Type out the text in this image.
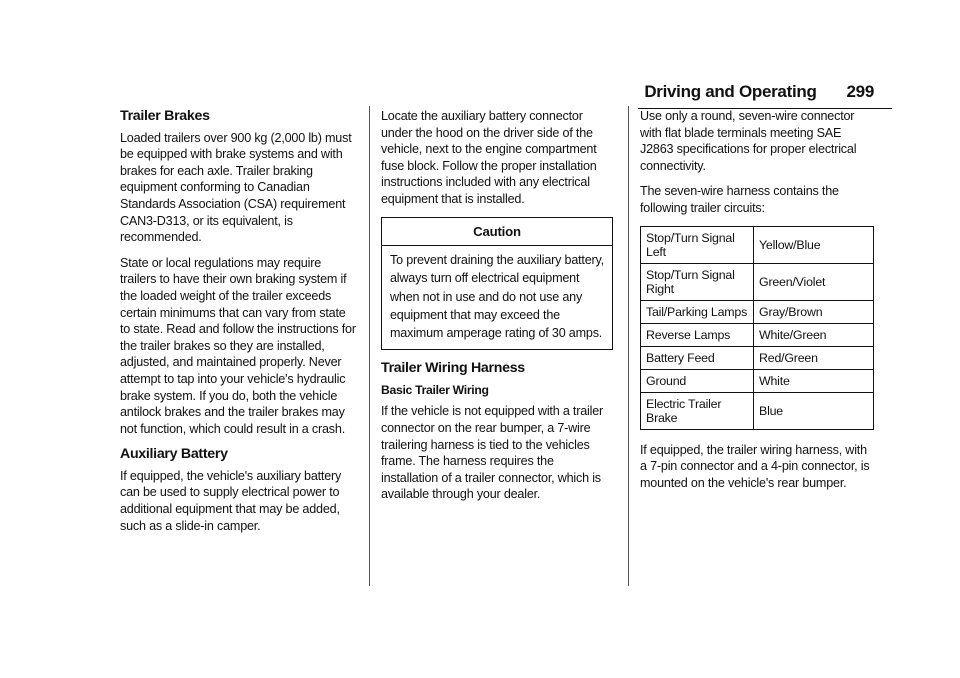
Driving and Operating 299
Trailer Brakes

Loaded trailers over 900 kg (2,000 lb) must be equipped with brake systems and with brakes for each axle. Trailer braking equipment conforming to Canadian Standards Association (CSA) requirement CAN3-D313, or its equivalent, is recommended.

State or local regulations may require trailers to have their own braking system if the loaded weight of the trailer exceeds certain minimums that can vary from state to state. Read and follow the instructions for the trailer brakes so they are installed, adjusted, and maintained properly. Never attempt to tap into your vehicle's hydraulic brake system. If you do, both the vehicle antilock brakes and the trailer brakes may not function, which could result in a crash.

Auxiliary Battery

If equipped, the vehicle's auxiliary battery can be used to supply electrical power to additional equipment that may be added, such as a slide-in camper.

Locate the auxiliary battery connector under the hood on the driver side of the vehicle, next to the engine compartment fuse block. Follow the proper installation instructions included with any electrical equipment that is installed.

Caution
To prevent draining the auxiliary battery, always turn off electrical equipment when not in use and do not use any equipment that may exceed the maximum amperage rating of 30 amps.
Trailer Wiring Harness
Basic Trailer Wiring

If the vehicle is not equipped with a trailer connector on the rear bumper, a 7-wire trailering harness is tied to the vehicles frame. The harness requires the installation of a trailer connector, which is available through your dealer.

Use only a round, seven-wire connector with flat blade terminals meeting SAE J2863 specifications for proper electrical connectivity.

The seven-wire harness contains the following trailer circuits:

Stop/Turn Signal Left	Yellow/Blue
Stop/Turn Signal Right	Green/Violet
Tail/Parking Lamps	Gray/Brown
Reverse Lamps	White/Green
Battery Feed	Red/Green
Ground	White
Electric Trailer Brake	Blue

If equipped, the trailer wiring harness, with a 7-pin connector and a 4-pin connector, is mounted on the vehicle's rear bumper.
